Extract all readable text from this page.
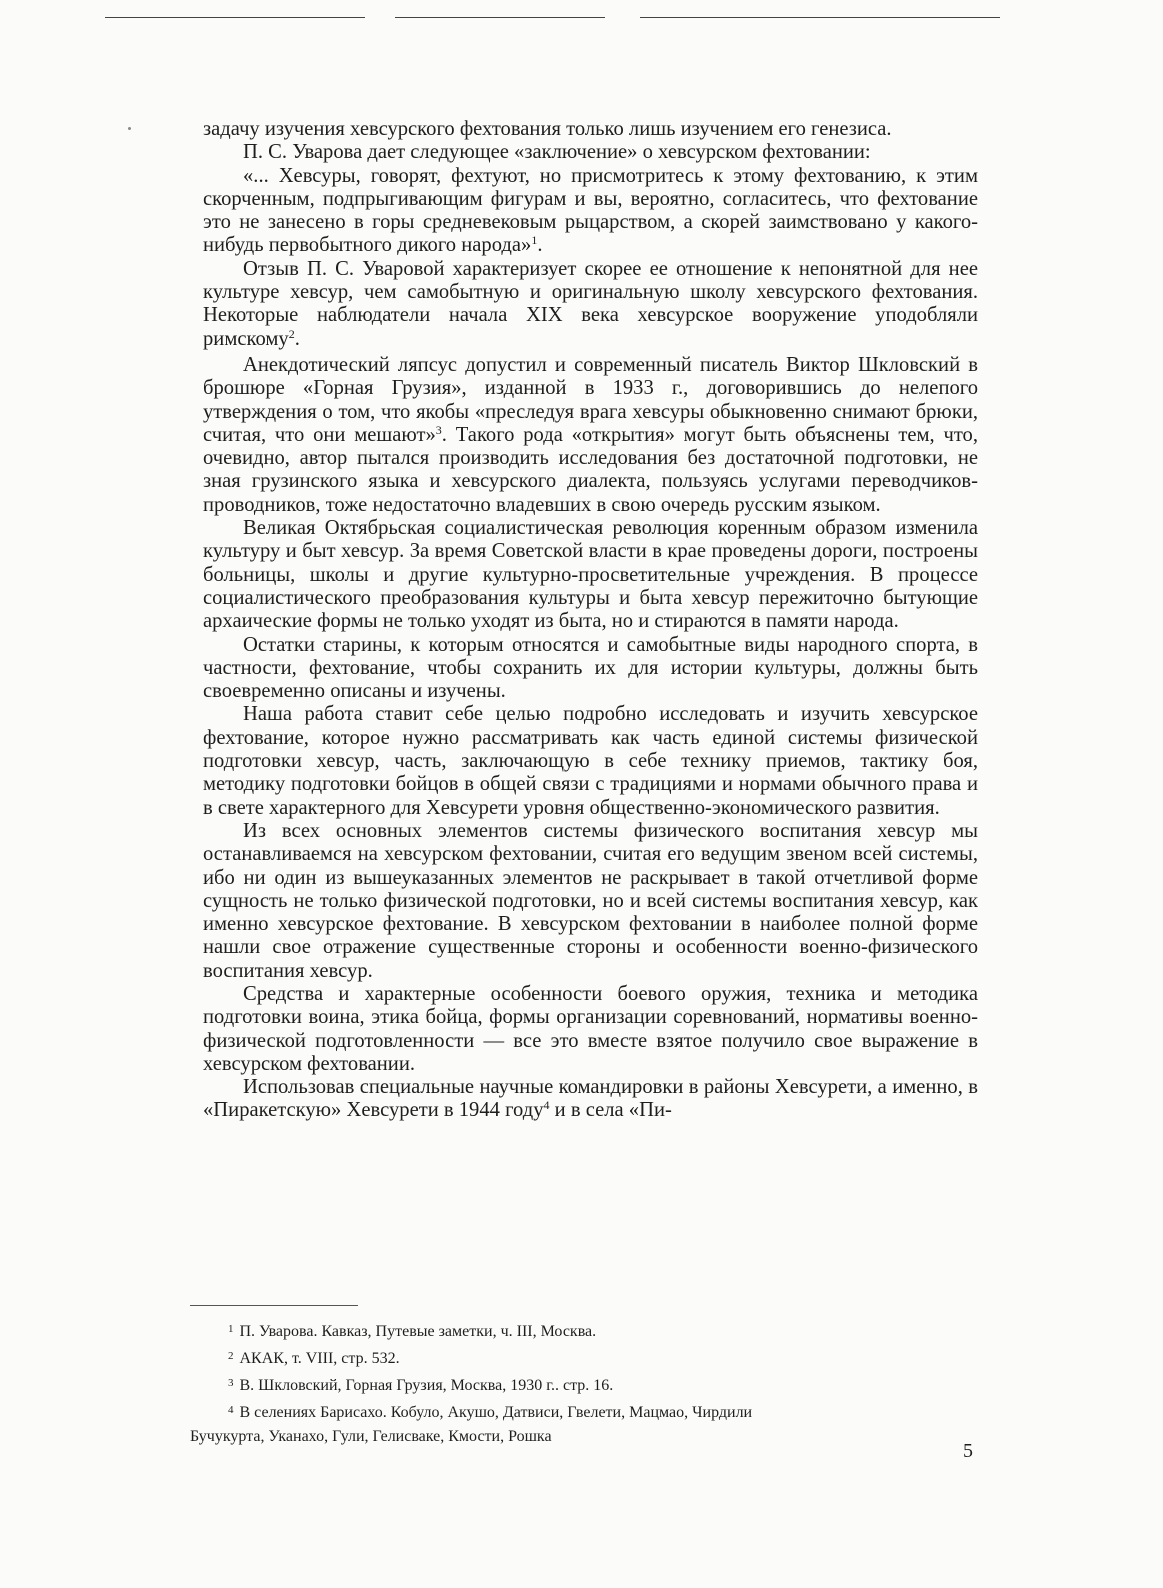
задачу изучения хевсурского фехтования только лишь изучением его генезиса.

П. С. Уварова дает следующее «заключение» о хевсурском фехтовании:

«... Хевсуры, говорят, фехтуют, но присмотритесь к этому фехтованию, к этим скорченным, подпрыгивающим фигурам и вы, вероятно, согласитесь, что фехтование это не занесено в горы средневековым рыцарством, а скорей заимствовано у какого-нибудь первобытного дикого народа»$^1$.

Отзыв П. С. Уваровой характеризует скорее ее отношение к непонятной для нее культуре хевсур, чем самобытную и оригинальную школу хевсурского фехтования. Некоторые наблюдатели начала XIX века хевсурское вооружение уподобляли римскому$^2$.

Анекдотический ляпсус допустил и современный писатель Виктор Шкловский в брошюре «Горная Грузия», изданной в 1933 г., договорившись до нелепого утверждения о том, что якобы «преследуя врага хевсуры обыкновенно снимают брюки, считая, что они мешают»$^3$. Такого рода «открытия» могут быть объяснены тем, что, очевидно, автор пытался производить исследования без достаточной подготовки, не зная грузинского языка и хевсурского диалекта, пользуясь услугами переводчиков-проводников, тоже недостаточно владевших в свою очередь русским языком.

Великая Октябрьская социалистическая революция коренным образом изменила культуру и быт хевсур. За время Советской власти в крае проведены дороги, построены больницы, школы и другие культурно-просветительные учреждения. В процессе социалистического преобразования культуры и быта хевсур пережиточно бытующие архаические формы не только уходят из быта, но и стираются в памяти народа.

Остатки старины, к которым относятся и самобытные виды народного спорта, в частности, фехтование, чтобы сохранить их для истории культуры, должны быть своевременно описаны и изучены.

Наша работа ставит себе целью подробно исследовать и изучить хевсурское фехтование, которое нужно рассматривать как часть единой системы физической подготовки хевсур, часть, заключающую в себе технику приемов, тактику боя, методику подготовки бойцов в общей связи с традициями и нормами обычного права и в свете характерного для Хевсурети уровня общественно-экономического развития.

Из всех основных элементов системы физического воспитания хевсур мы останавливаемся на хевсурском фехтовании, считая его ведущим звеном всей системы, ибо ни один из вышеуказанных элементов не раскрывает в такой отчетливой форме сущность не только физической подготовки, но и всей системы воспитания хевсур, как именно хевсурское фехтование. В хевсурском фехтовании в наиболее полной форме нашли свое отражение существенные стороны и особенности военно-физического воспитания хевсур.

Средства и характерные особенности боевого оружия, техника и методика подготовки воина, этика бойца, формы организации соревнований, нормативы военно-физической подготовленности — все это вместе взятое получило свое выражение в хевсурском фехтовании.

Использовав специальные научные командировки в районы Хевсурети, а именно, в «Пиракетскую» Хевсурети в 1944 году$^4$ и в села «Пи-

$^1$ П. Уварова. Кавказ, Путевые заметки, ч. III, Москва.

$^2$ АКАК, т. VIII, стр. 532.

$^3$ В. Шкловский, Горная Грузия, Москва, 1930 г.. стр. 16.

$^4$ В селениях Барисахо. Кобуло, Акушо, Датвиси, Гвелети, Мацмао, Чирдили

Бучукурта, Уканахо, Гули, Гелисваке, Кмости, Рошка

5
